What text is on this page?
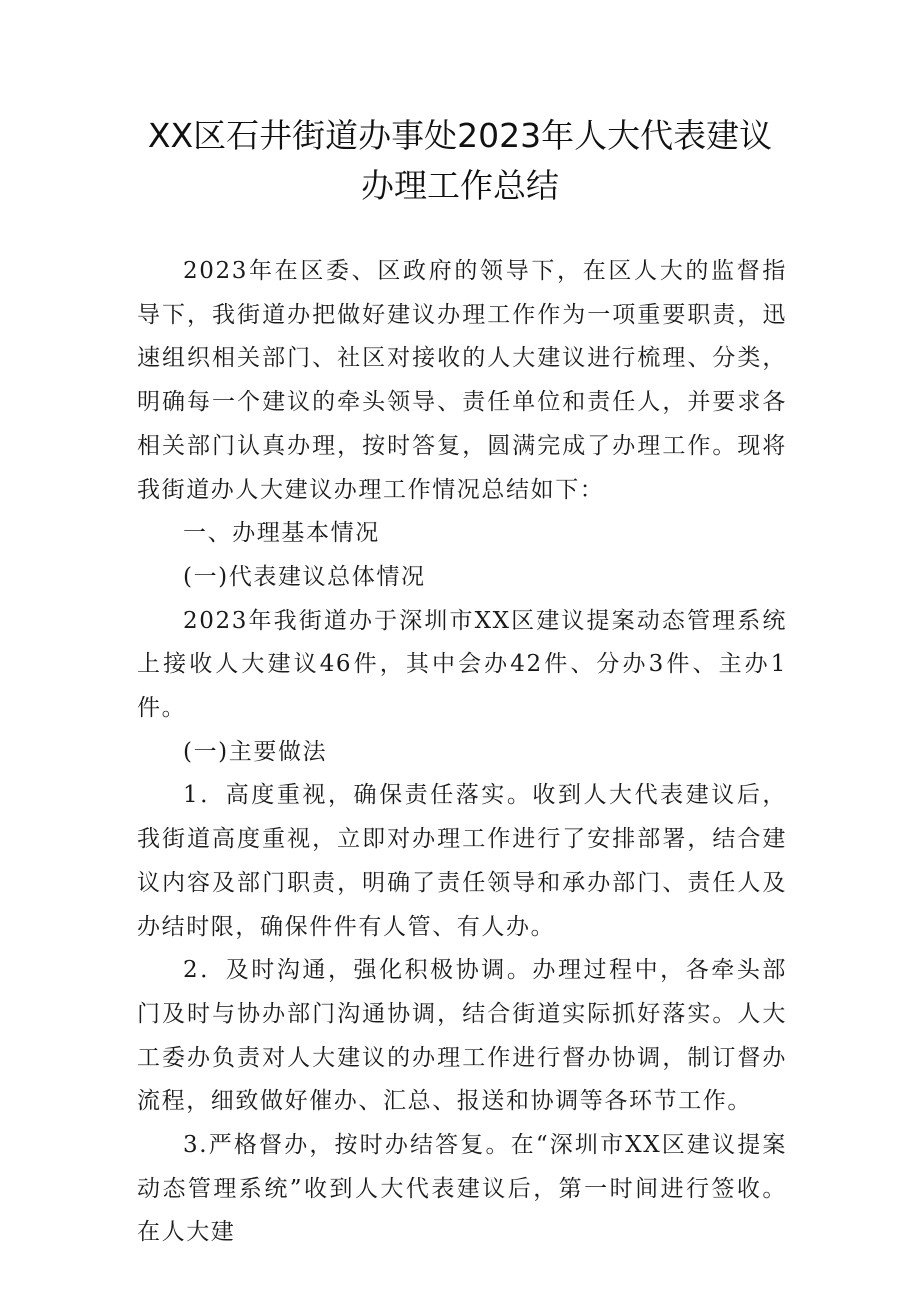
XX区石井街道办事处2023年人大代表建议
办理工作总结

2023年在区委、区政府的领导下，在区人大的监督指导下，我街道办把做好建议办理工作作为一项重要职责，迅速组织相关部门、社区对接收的人大建议进行梳理、分类，明确每一个建议的牵头领导、责任单位和责任人，并要求各相关部门认真办理，按时答复，圆满完成了办理工作。现将我街道办人大建议办理工作情况总结如下：

一、办理基本情况

(一)代表建议总体情况

2023年我街道办于深圳市XX区建议提案动态管理系统上接收人大建议46件，其中会办42件、分办3件、主办1件。

(一)主要做法

1．高度重视，确保责任落实。收到人大代表建议后，我街道高度重视，立即对办理工作进行了安排部署，结合建议内容及部门职责，明确了责任领导和承办部门、责任人及办结时限，确保件件有人管、有人办。

2．及时沟通，强化积极协调。办理过程中，各牵头部门及时与协办部门沟通协调，结合街道实际抓好落实。人大工委办负责对人大建议的办理工作进行督办协调，制订督办流程，细致做好催办、汇总、报送和协调等各环节工作。

3.严格督办，按时办结答复。在“深圳市XX区建议提案动态管理系统”收到人大代表建议后，第一时间进行签收。在人大建
